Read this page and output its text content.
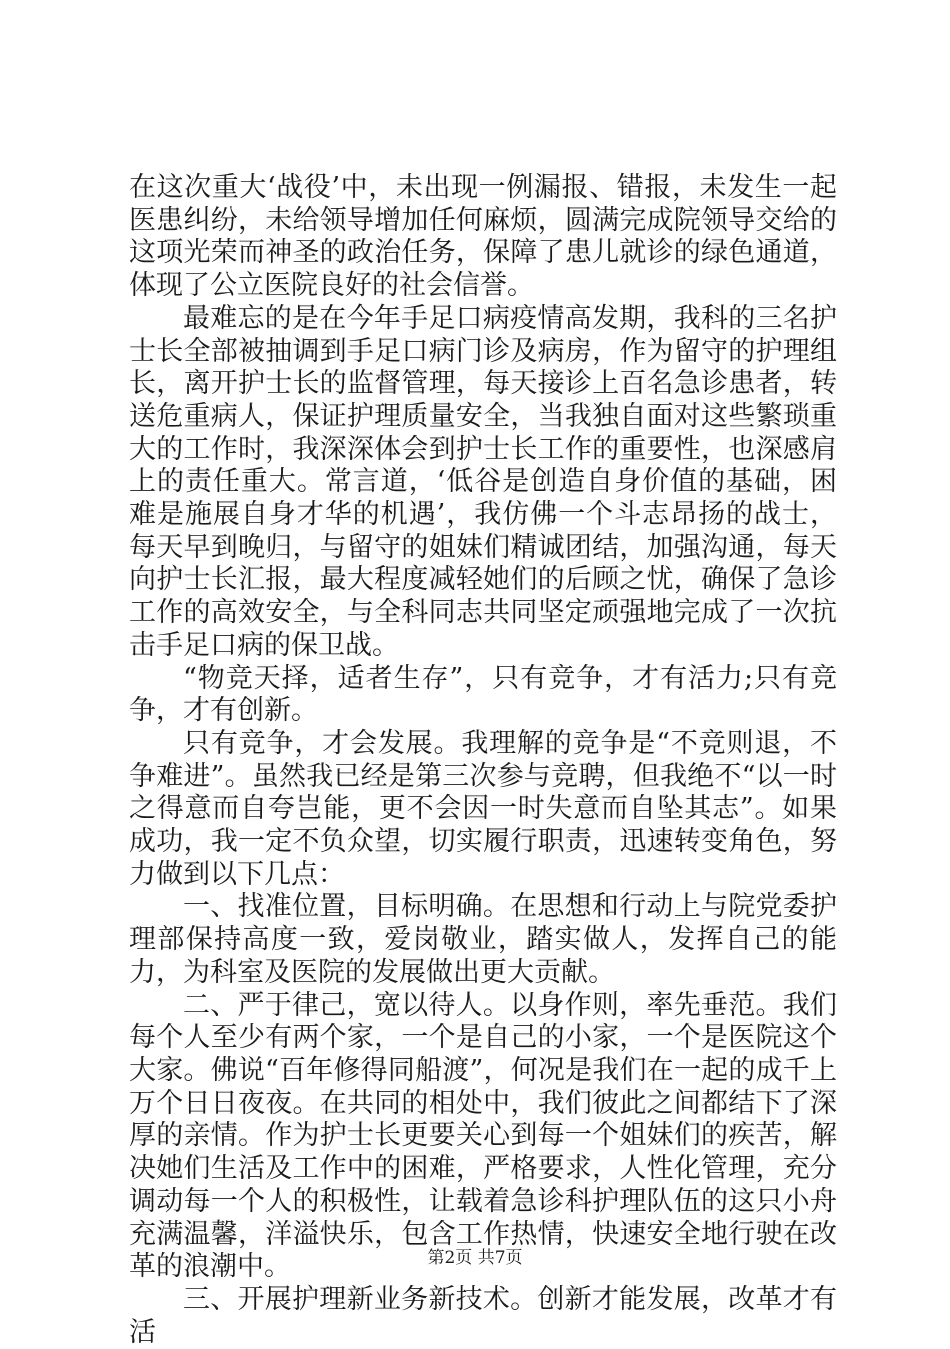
在这次重大‘战役’中，未出现一例漏报、错报，未发生一起医患纠纷，未给领导增加任何麻烦，圆满完成院领导交给的这项光荣而神圣的政治任务，保障了患儿就诊的绿色通道，体现了公立医院良好的社会信誉。

最难忘的是在今年手足口病疫情高发期，我科的三名护士长全部被抽调到手足口病门诊及病房，作为留守的护理组长，离开护士长的监督管理，每天接诊上百名急诊患者，转送危重病人，保证护理质量安全，当我独自面对这些繁琐重大的工作时，我深深体会到护士长工作的重要性，也深感肩上的责任重大。常言道，‘低谷是创造自身价值的基础，困难是施展自身才华的机遇’，我仿佛一个斗志昂扬的战士，每天早到晚归，与留守的姐妹们精诚团结，加强沟通，每天向护士长汇报，最大程度减轻她们的后顾之忧，确保了急诊工作的高效安全，与全科同志共同坚定顽强地完成了一次抗击手足口病的保卫战。

“物竞天择，适者生存”，只有竞争，才有活力;只有竞争，才有创新。

只有竞争，才会发展。我理解的竞争是“不竞则退，不争难进”。虽然我已经是第三次参与竞聘，但我绝不“以一时之得意而自夸岂能，更不会因一时失意而自坠其志”。如果成功，我一定不负众望，切实履行职责，迅速转变角色，努力做到以下几点：

一、找准位置，目标明确。在思想和行动上与院党委护理部保持高度一致，爱岗敬业，踏实做人，发挥自己的能力，为科室及医院的发展做出更大贡献。

二、严于律己，宽以待人。以身作则，率先垂范。我们每个人至少有两个家，一个是自己的小家，一个是医院这个大家。佛说“百年修得同船渡”，何况是我们在一起的成千上万个日日夜夜。在共同的相处中，我们彼此之间都结下了深厚的亲情。作为护士长更要关心到每一个姐妹们的疾苦，解决她们生活及工作中的困难，严格要求，人性化管理，充分调动每一个人的积极性，让载着急诊科护理队伍的这只小舟充满温馨，洋溢快乐，包含工作热情，快速安全地行驶在改革的浪潮中。

三、开展护理新业务新技术。创新才能发展，改革才有活

第2页 共7页
